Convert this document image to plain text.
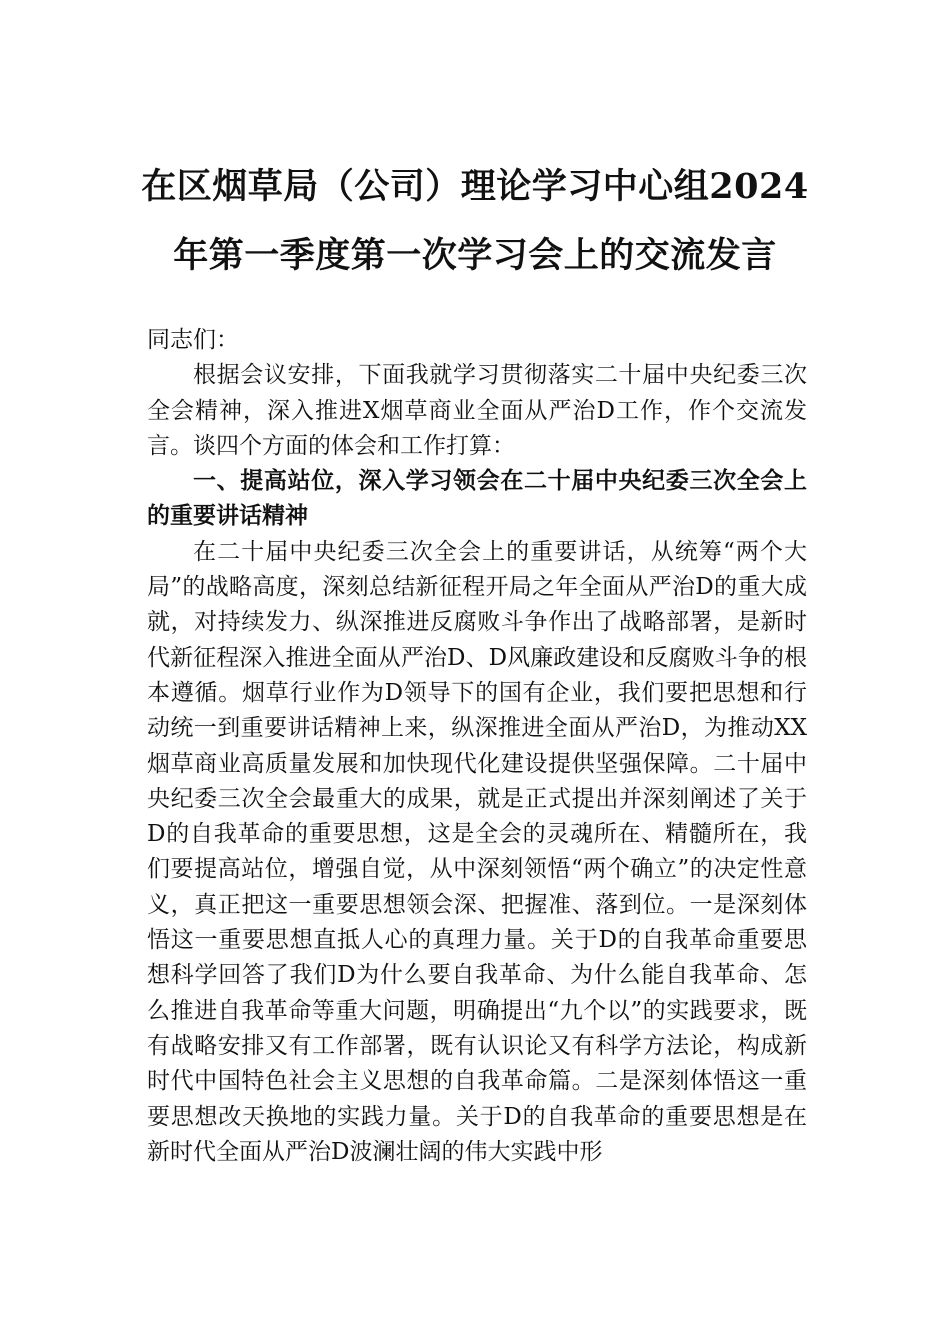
在区烟草局（公司）理论学习中心组2024
年第一季度第一次学习会上的交流发言

同志们：

根据会议安排，下面我就学习贯彻落实二十届中央纪委三次全会精神，深入推进X烟草商业全面从严治D工作，作个交流发言。谈四个方面的体会和工作打算：

一、提高站位，深入学习领会在二十届中央纪委三次全会上的重要讲话精神

在二十届中央纪委三次全会上的重要讲话，从统筹“两个大局”的战略高度，深刻总结新征程开局之年全面从严治D的重大成就，对持续发力、纵深推进反腐败斗争作出了战略部署，是新时代新征程深入推进全面从严治D、D风廉政建设和反腐败斗争的根本遵循。烟草行业作为D领导下的国有企业，我们要把思想和行动统一到重要讲话精神上来，纵深推进全面从严治D，为推动XX烟草商业高质量发展和加快现代化建设提供坚强保障。二十届中央纪委三次全会最重大的成果，就是正式提出并深刻阐述了关于D的自我革命的重要思想，这是全会的灵魂所在、精髓所在，我们要提高站位，增强自觉，从中深刻领悟“两个确立”的决定性意义，真正把这一重要思想领会深、把握准、落到位。一是深刻体悟这一重要思想直抵人心的真理力量。关于D的自我革命重要思想科学回答了我们D为什么要自我革命、为什么能自我革命、怎么推进自我革命等重大问题，明确提出“九个以”的实践要求，既有战略安排又有工作部署，既有认识论又有科学方法论，构成新时代中国特色社会主义思想的自我革命篇。二是深刻体悟这一重要思想改天换地的实践力量。关于D的自我革命的重要思想是在新时代全面从严治D波澜壮阔的伟大实践中形
